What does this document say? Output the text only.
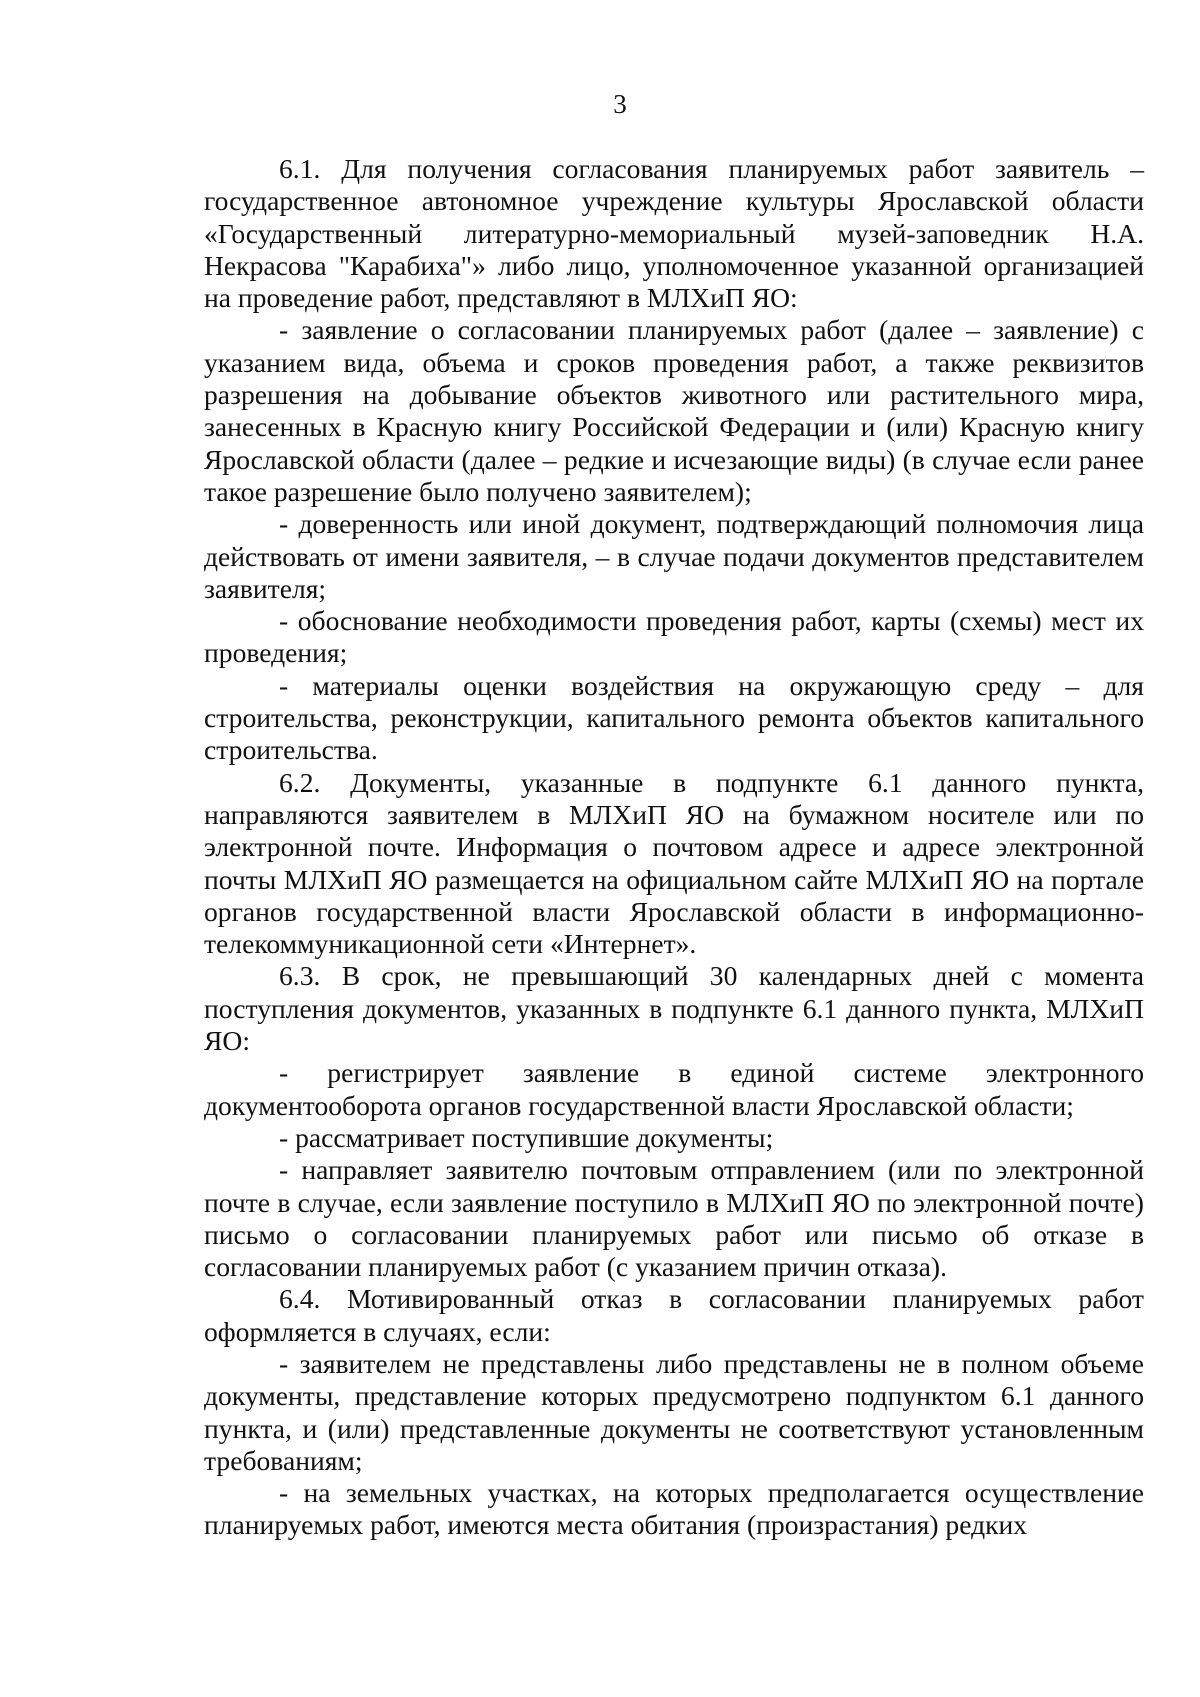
3

6.1. Для получения согласования планируемых работ заявитель – государственное автономное учреждение культуры Ярославской области «Государственный литературно-мемориальный музей-заповедник Н.А. Некрасова "Карабиха"» либо лицо, уполномоченное указанной организацией на проведение работ, представляют в МЛХиП ЯО:

- заявление о согласовании планируемых работ (далее – заявление) с указанием вида, объема и сроков проведения работ, а также реквизитов разрешения на добывание объектов животного или растительного мира, занесенных в Красную книгу Российской Федерации и (или) Красную книгу Ярославской области (далее – редкие и исчезающие виды) (в случае если ранее такое разрешение было получено заявителем);

- доверенность или иной документ, подтверждающий полномочия лица действовать от имени заявителя, – в случае подачи документов представителем заявителя;

- обоснование необходимости проведения работ, карты (схемы) мест их проведения;

- материалы оценки воздействия на окружающую среду – для строительства, реконструкции, капитального ремонта объектов капитального строительства.

6.2. Документы, указанные в подпункте 6.1 данного пункта, направляются заявителем в МЛХиП ЯО на бумажном носителе или по электронной почте. Информация о почтовом адресе и адресе электронной почты МЛХиП ЯО размещается на официальном сайте МЛХиП ЯО на портале органов государственной власти Ярославской области в информационно-телекоммуникационной сети «Интернет».

6.3. В срок, не превышающий 30 календарных дней с момента поступления документов, указанных в подпункте 6.1 данного пункта, МЛХиП ЯО:

- регистрирует заявление в единой системе электронного документооборота органов государственной власти Ярославской области;

- рассматривает поступившие документы;

- направляет заявителю почтовым отправлением (или по электронной почте в случае, если заявление поступило в МЛХиП ЯО по электронной почте) письмо о согласовании планируемых работ или письмо об отказе в согласовании планируемых работ (с указанием причин отказа).

6.4. Мотивированный отказ в согласовании планируемых работ оформляется в случаях, если:

- заявителем не представлены либо представлены не в полном объеме документы, представление которых предусмотрено подпунктом 6.1 данного пункта, и (или) представленные документы не соответствуют установленным требованиям;

- на земельных участках, на которых предполагается осуществление планируемых работ, имеются места обитания (произрастания) редких
